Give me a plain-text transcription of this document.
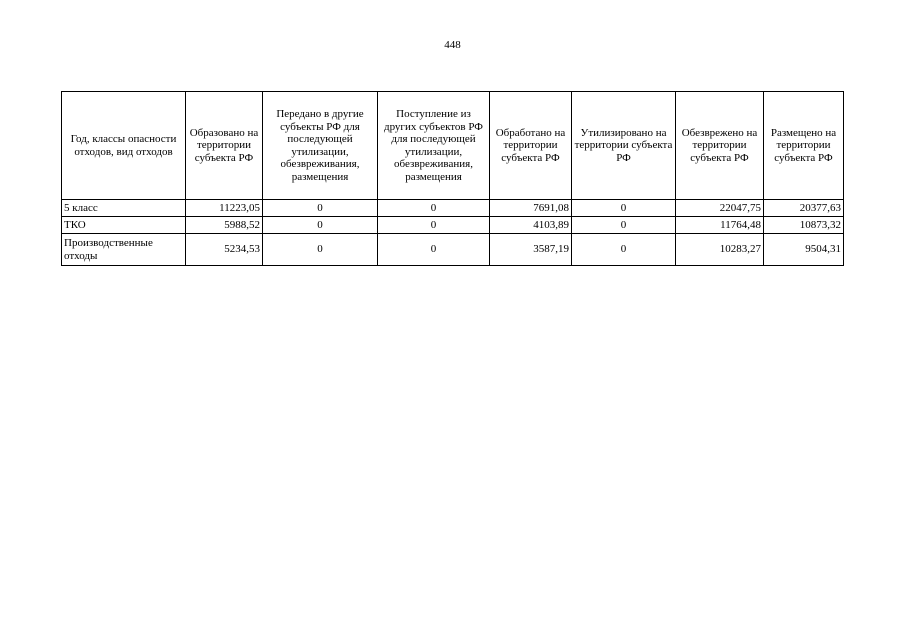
448
Год, классы опасности отходов, вид отходов	Образовано на территории субъекта РФ	Передано в другие субъекты РФ для последующей утилизации, обезвреживания, размещения	Поступление из других субъектов РФ для последующей утилизации, обезвреживания, размещения	Обработано на территории субъекта РФ	Утилизировано на территории субъекта РФ	Обезврежено на территории субъекта РФ	Размещено на территории субъекта РФ
5 класс	11223,05	0	0	7691,08	0	22047,75	20377,63
ТКО	5988,52	0	0	4103,89	0	11764,48	10873,32
Производственные отходы	5234,53	0	0	3587,19	0	10283,27	9504,31
